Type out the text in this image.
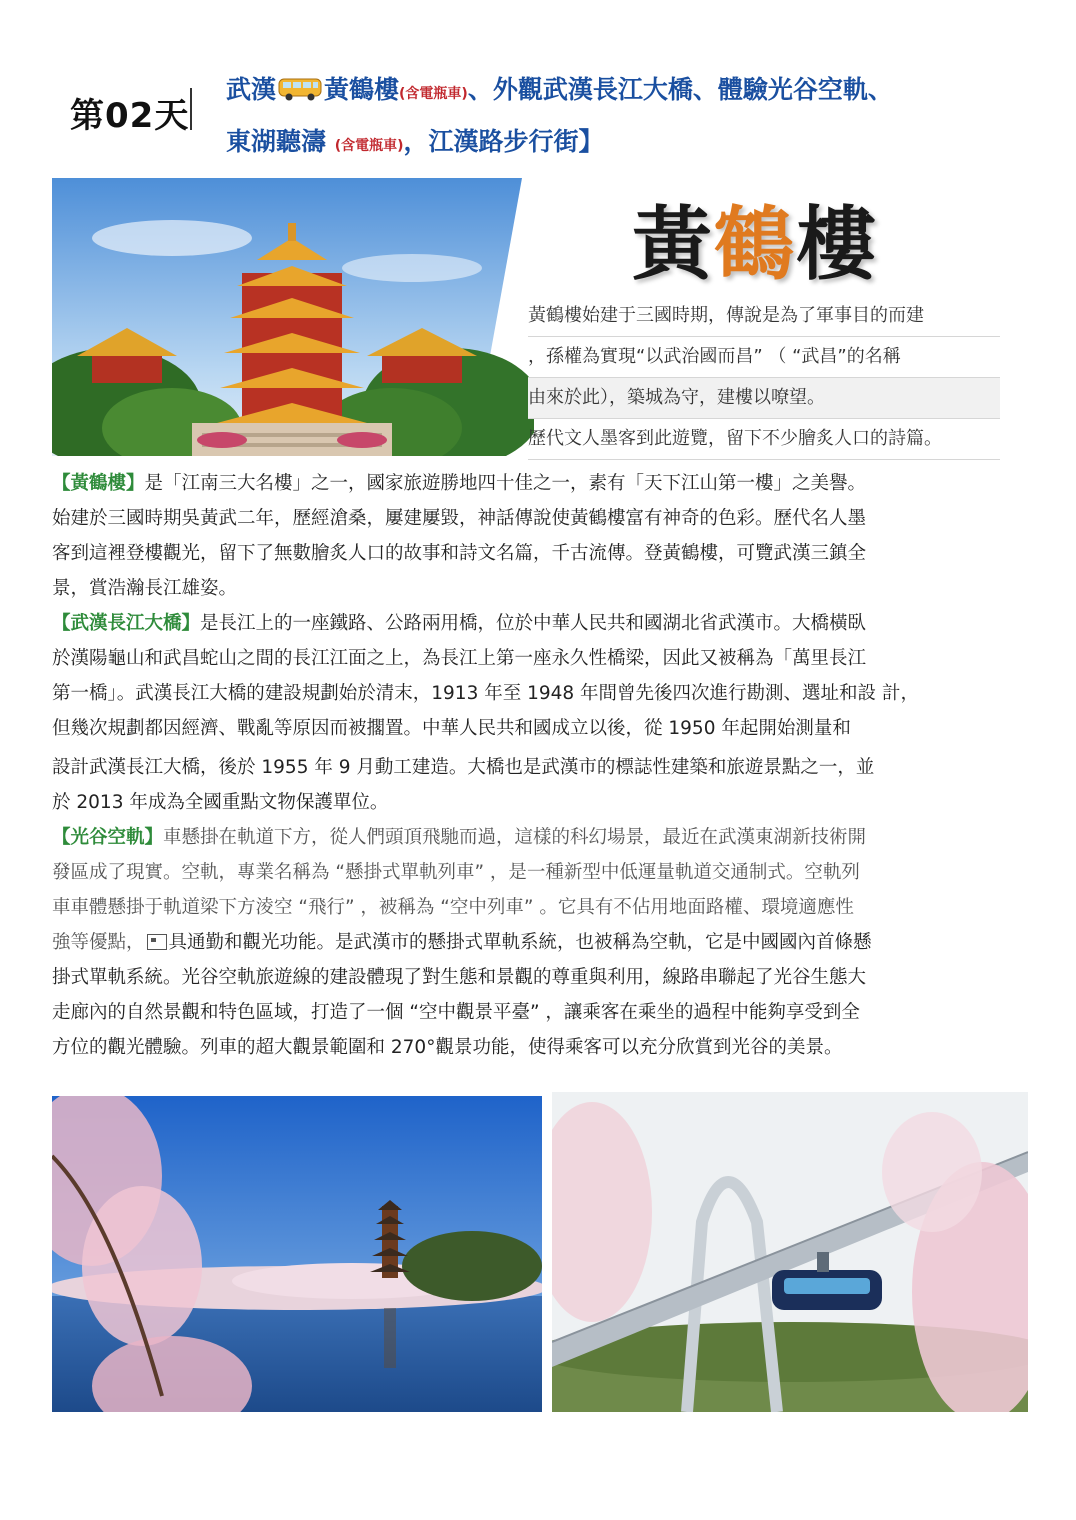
第02天
武漢 黃鶴樓(含電瓶車)、外觀武漢長江大橋、體驗光谷空軌、
東湖聽濤 (含電瓶車)，江漢路步行街】
黃鶴樓
黃鶴樓始建于三國時期，傳說是為了軍事目的而建
，孫權為實現“以武治國而昌” （ “武昌”的名稱
由來於此），築城為守，建樓以嘹望。
歷代文人墨客到此遊覽，留下不少膾炙人口的詩篇。

【黃鶴樓】是「江南三大名樓」之一，國家旅遊勝地四十佳之一，素有「天下江山第一樓」之美譽。

始建於三國時期吳黃武二年，歷經滄桑，屢建屢毀，神話傳說使黃鶴樓富有神奇的色彩。歷代名人墨

客到這裡登樓觀光，留下了無數膾炙人口的故事和詩文名篇，千古流傳。登黃鶴樓，可覽武漢三鎮全

景，賞浩瀚長江雄姿。

【武漢長江大橋】是長江上的一座鐵路、公路兩用橋，位於中華人民共和國湖北省武漢市。大橋橫臥

於漢陽龜山和武昌蛇山之間的長江江面之上，為長江上第一座永久性橋梁，因此又被稱為「萬里長江

第一橋」。武漢長江大橋的建設規劃始於清末，1913 年至 1948 年間曾先後四次進行勘測、選址和設 計，

但幾次規劃都因經濟、戰亂等原因而被擱置。中華人民共和國成立以後，從 1950 年起開始測量和

設計武漢長江大橋，後於 1955 年 9 月動工建造。大橋也是武漢市的標誌性建築和旅遊景點之一，並

於 2013 年成為全國重點文物保護單位。

【光谷空軌】車懸掛在軌道下方，從人們頭頂飛馳而過，這樣的科幻場景，最近在武漢東湖新技術開

發區成了現實。空軌，專業名稱為 “懸掛式單軌列車” ，是一種新型中低運量軌道交通制式。空軌列

車車體懸掛于軌道梁下方淩空 “飛行” ，被稱為 “空中列車” 。它具有不佔用地面路權、環境適應性

強等優點， 具通勤和觀光功能。是武漢市的懸掛式單軌系統，也被稱為空軌，它是中國國內首條懸

掛式單軌系統。光谷空軌旅遊線的建設體現了對生態和景觀的尊重與利用，線路串聯起了光谷生態大

走廊內的自然景觀和特色區域，打造了一個 “空中觀景平臺” ，讓乘客在乘坐的過程中能夠享受到全

方位的觀光體驗。列車的超大觀景範圍和 270°觀景功能，使得乘客可以充分欣賞到光谷的美景。
